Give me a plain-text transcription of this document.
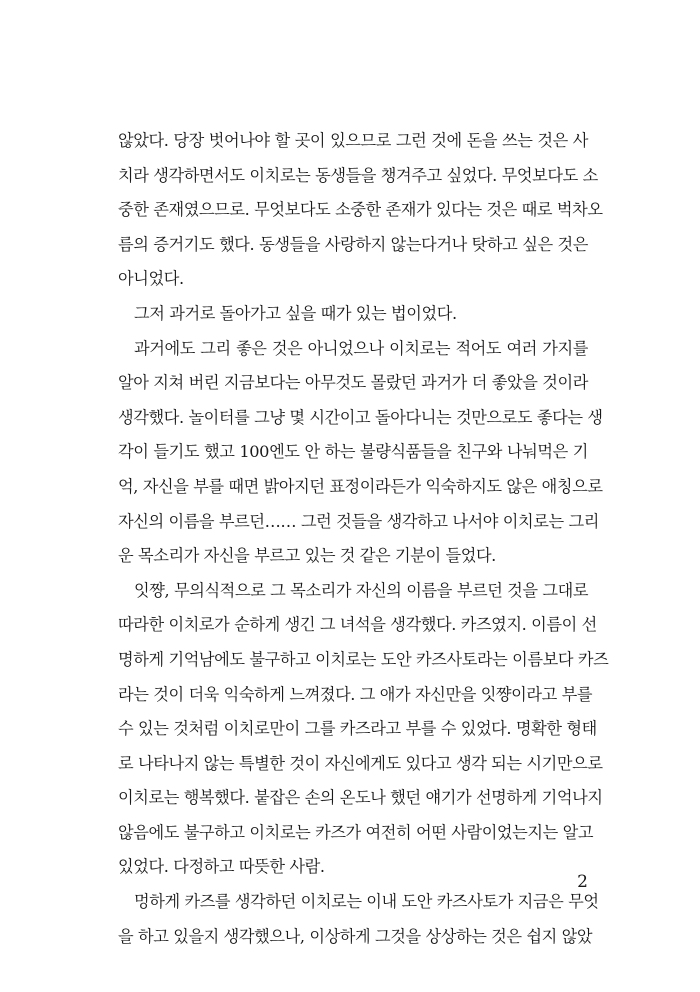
않았다. 당장 벗어나야 할 곳이 있으므로 그런 것에 돈을 쓰는 것은 사
치라 생각하면서도 이치로는 동생들을 챙겨주고 싶었다. 무엇보다도 소
중한 존재였으므로. 무엇보다도 소중한 존재가 있다는 것은 때로 벅차오
름의 증거기도 했다. 동생들을 사랑하지 않는다거나 탓하고 싶은 것은
아니었다.
그저 과거로 돌아가고 싶을 때가 있는 법이었다.
과거에도 그리 좋은 것은 아니었으나 이치로는 적어도 여러 가지를
알아 지쳐 버린 지금보다는 아무것도 몰랐던 과거가 더 좋았을 것이라
생각했다. 놀이터를 그냥 몇 시간이고 돌아다니는 것만으로도 좋다는 생
각이 들기도 했고 100엔도 안 하는 불량식품들을 친구와 나눠먹은 기
억, 자신을 부를 때면 밝아지던 표정이라든가 익숙하지도 않은 애칭으로
자신의 이름을 부르던…… 그런 것들을 생각하고 나서야 이치로는 그리
운 목소리가 자신을 부르고 있는 것 같은 기분이 들었다.
잇쨩, 무의식적으로 그 목소리가 자신의 이름을 부르던 것을 그대로
따라한 이치로가 순하게 생긴 그 녀석을 생각했다. 카즈였지. 이름이 선
명하게 기억남에도 불구하고 이치로는 도안 카즈사토라는 이름보다 카즈
라는 것이 더욱 익숙하게 느껴졌다. 그 애가 자신만을 잇쨩이라고 부를
수 있는 것처럼 이치로만이 그를 카즈라고 부를 수 있었다. 명확한 형태
로 나타나지 않는 특별한 것이 자신에게도 있다고 생각 되는 시기만으로
이치로는 행복했다. 붙잡은 손의 온도나 했던 얘기가 선명하게 기억나지
않음에도 불구하고 이치로는 카즈가 여전히 어떤 사람이었는지는 알고
있었다. 다정하고 따뜻한 사람.
멍하게 카즈를 생각하던 이치로는 이내 도안 카즈사토가 지금은 무엇
을 하고 있을지 생각했으나, 이상하게 그것을 상상하는 것은 쉽지 않았
2
